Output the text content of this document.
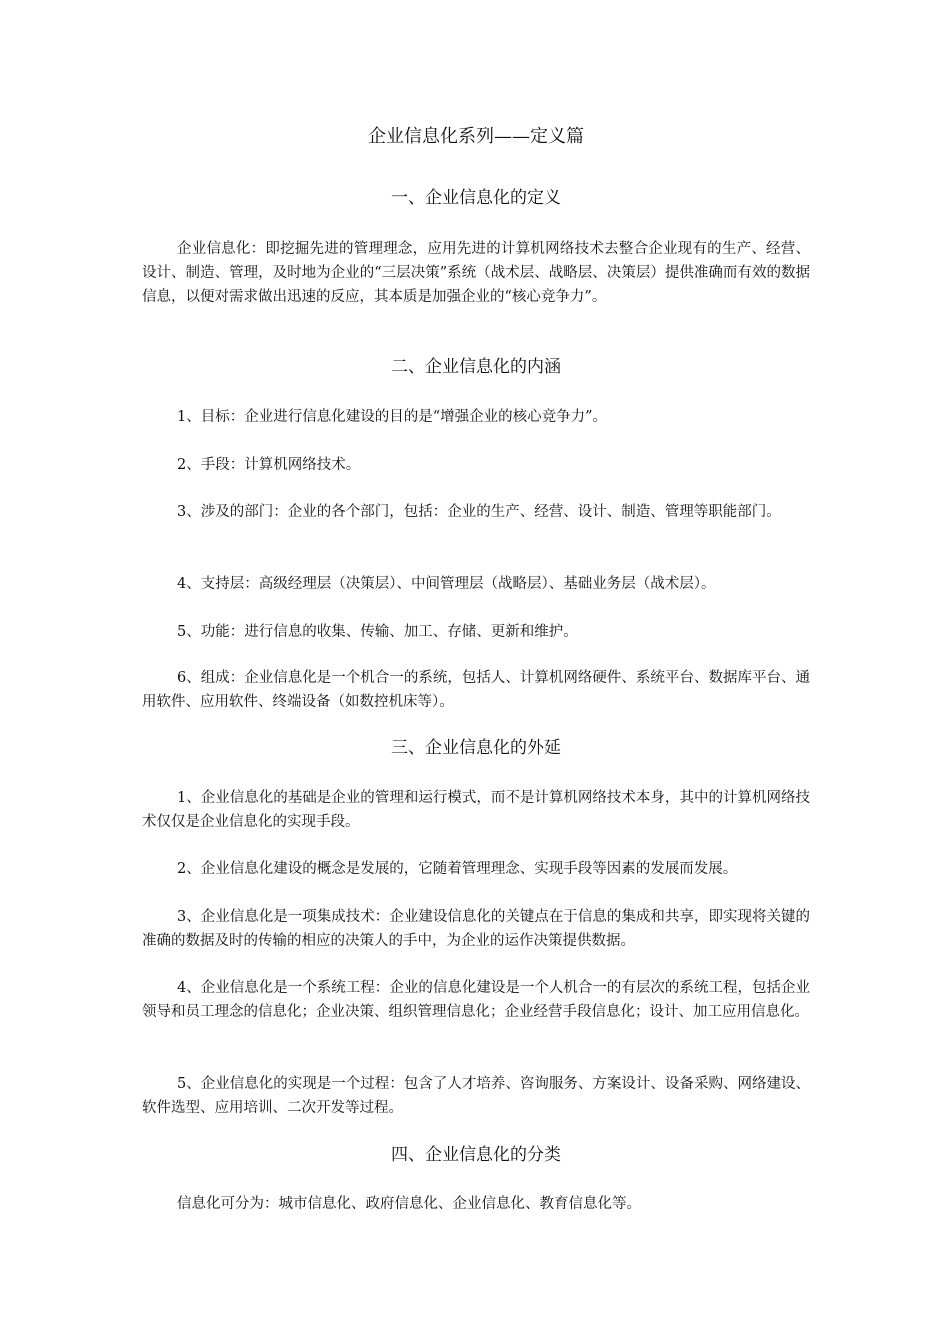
企业信息化系列——定义篇
一、企业信息化的定义

企业信息化：即挖掘先进的管理理念，应用先进的计算机网络技术去整合企业现有的生产、经营、设计、制造、管理，及时地为企业的“三层决策”系统（战术层、战略层、决策层）提供准确而有效的数据信息，以便对需求做出迅速的反应，其本质是加强企业的“核心竞争力”。

二、企业信息化的内涵

1、目标：企业进行信息化建设的目的是“增强企业的核心竞争力”。

2、手段：计算机网络技术。

3、涉及的部门：企业的各个部门，包括：企业的生产、经营、设计、制造、管理等职能部门。

4、支持层：高级经理层（决策层）、中间管理层（战略层）、基础业务层（战术层）。

5、功能：进行信息的收集、传输、加工、存储、更新和维护。

6、组成：企业信息化是一个机合一的系统，包括人、计算机网络硬件、系统平台、数据库平台、通用软件、应用软件、终端设备（如数控机床等）。

三、企业信息化的外延

1、企业信息化的基础是企业的管理和运行模式，而不是计算机网络技术本身，其中的计算机网络技术仅仅是企业信息化的实现手段。

2、企业信息化建设的概念是发展的，它随着管理理念、实现手段等因素的发展而发展。

3、企业信息化是一项集成技术：企业建设信息化的关键点在于信息的集成和共享，即实现将关键的准确的数据及时的传输的相应的决策人的手中，为企业的运作决策提供数据。

4、企业信息化是一个系统工程：企业的信息化建设是一个人机合一的有层次的系统工程，包括企业领导和员工理念的信息化；企业决策、组织管理信息化；企业经营手段信息化；设计、加工应用信息化。

5、企业信息化的实现是一个过程：包含了人才培养、咨询服务、方案设计、设备采购、网络建设、软件选型、应用培训、二次开发等过程。

四、企业信息化的分类

信息化可分为：城市信息化、政府信息化、企业信息化、教育信息化等。
